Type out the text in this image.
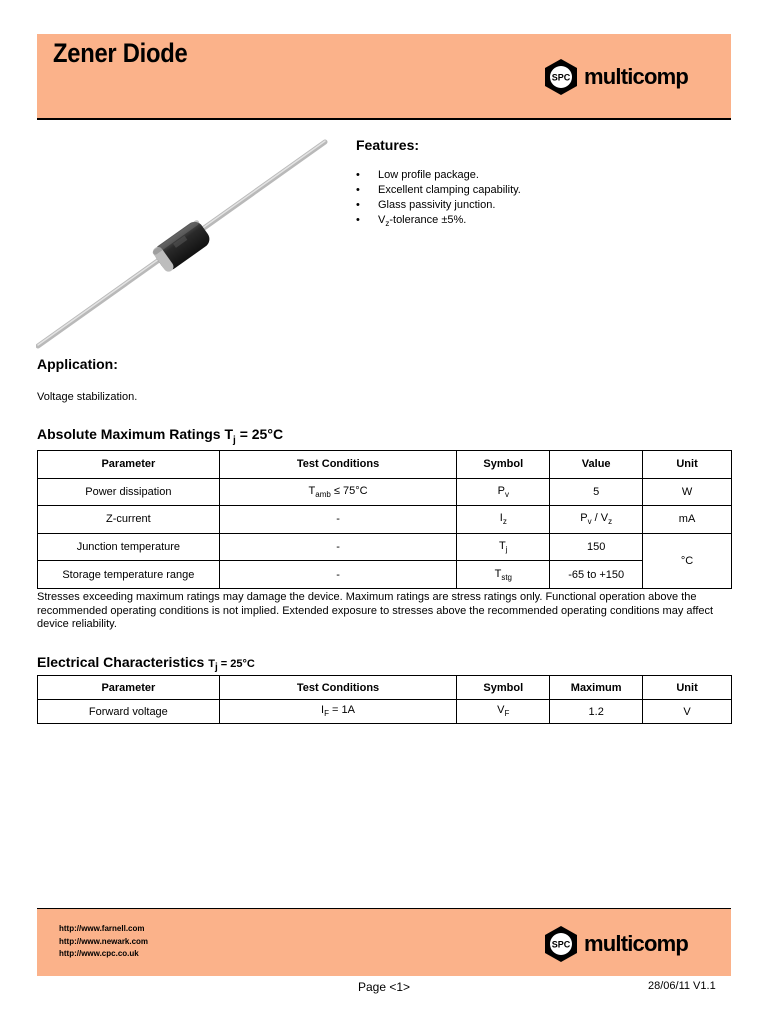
Zener Diode
SPC multicomp
Features:
• Low profile package.
• Excellent clamping capability.
• Glass passivity junction.
• $V_z$-tolerance ±5%.
Application:
Voltage stabilization.
Absolute Maximum Ratings $T_j = 25^\circ C$
Parameter	Test Conditions	Symbol	Value	Unit
Power dissipation	$T_{amb} \le 75^\circ C$	$P_v$	5	W
Z-current	-	$I_z$	$P_v / V_z$	mA
Junction temperature	-	$T_j$	150	°C
Storage temperature range	-	$T_{stg}$	-65 to +150	
Stresses exceeding maximum ratings may damage the device. Maximum ratings are stress ratings only. Functional operation above the recommended operating conditions is not implied. Extended exposure to stresses above the recommended operating conditions may affect device reliability.
Electrical Characteristics $T_j = 25^\circ C$
Parameter	Test Conditions	Symbol	Maximum	Unit
Forward voltage	$I_F = 1A$	$V_F$	1.2	V
http://www.farnell.com
http://www.newark.com
http://www.cpc.co.uk
SPC multicomp
Page <1>	28/06/11 V1.1
